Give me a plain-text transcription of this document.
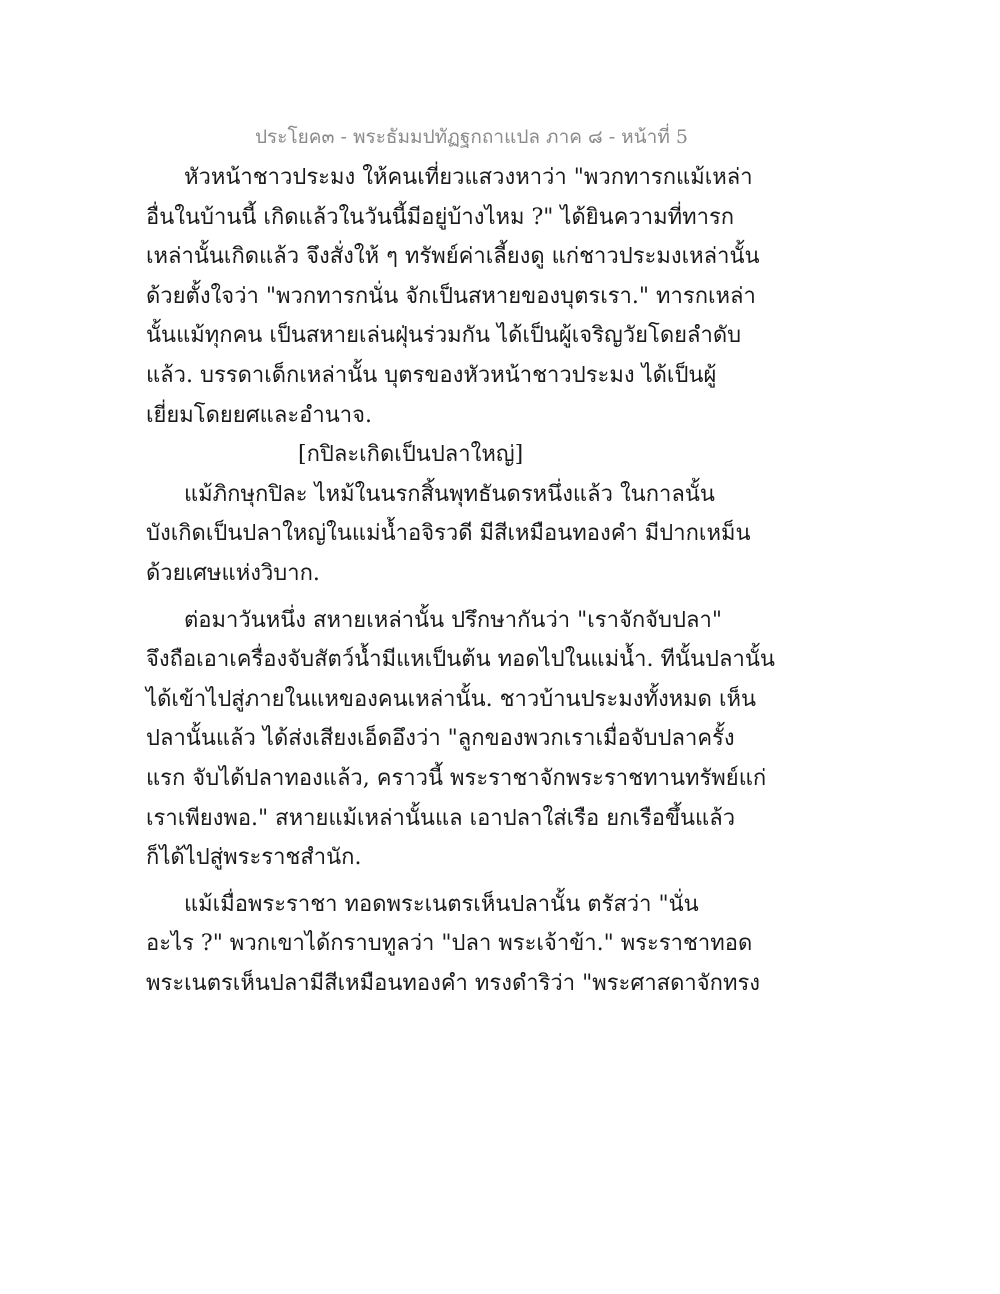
ประโยค๓ - พระธัมมปทัฏฐกถาแปล ภาค ๘ - หน้าที่ 5
หัวหน้าชาวประมง ให้คนเที่ยวแสวงหาว่า "พวกทารกแม้เหล่า
อื่นในบ้านนี้ เกิดแล้วในวันนี้มีอยู่บ้างไหม ?" ได้ยินความที่ทารก
เหล่านั้นเกิดแล้ว จึงสั่งให้ ๆ ทรัพย์ค่าเลี้ยงดู แก่ชาวประมงเหล่านั้น
ด้วยตั้งใจว่า "พวกทารกนั่น จักเป็นสหายของบุตรเรา." ทารกเหล่า
นั้นแม้ทุกคน เป็นสหายเล่นฝุ่นร่วมกัน ได้เป็นผู้เจริญวัยโดยลำดับ
แล้ว. บรรดาเด็กเหล่านั้น บุตรของหัวหน้าชาวประมง ได้เป็นผู้
เยี่ยมโดยยศและอำนาจ.
[กปิละเกิดเป็นปลาใหญ่]
แม้ภิกษุกปิละ ไหม้ในนรกสิ้นพุทธันดรหนึ่งแล้ว ในกาลนั้น
บังเกิดเป็นปลาใหญ่ในแม่น้ำอจิรวดี มีสีเหมือนทองคำ มีปากเหม็น
ด้วยเศษแห่งวิบาก.
ต่อมาวันหนึ่ง สหายเหล่านั้น ปรึกษากันว่า "เราจักจับปลา"
จึงถือเอาเครื่องจับสัตว์น้ำมีแหเป็นต้น ทอดไปในแม่น้ำ. ทีนั้นปลานั้น
ได้เข้าไปสู่ภายในแหของคนเหล่านั้น. ชาวบ้านประมงทั้งหมด เห็น
ปลานั้นแล้ว ได้ส่งเสียงเอ็ดอึงว่า "ลูกของพวกเราเมื่อจับปลาครั้ง
แรก จับได้ปลาทองแล้ว, คราวนี้ พระราชาจักพระราชทานทรัพย์แก่
เราเพียงพอ." สหายแม้เหล่านั้นแล เอาปลาใส่เรือ ยกเรือขึ้นแล้ว
ก็ได้ไปสู่พระราชสำนัก.
แม้เมื่อพระราชา ทอดพระเนตรเห็นปลานั้น ตรัสว่า "นั่น
อะไร ?" พวกเขาได้กราบทูลว่า "ปลา พระเจ้าข้า." พระราชาทอด
พระเนตรเห็นปลามีสีเหมือนทองคำ ทรงดำริว่า "พระศาสดาจักทรง
